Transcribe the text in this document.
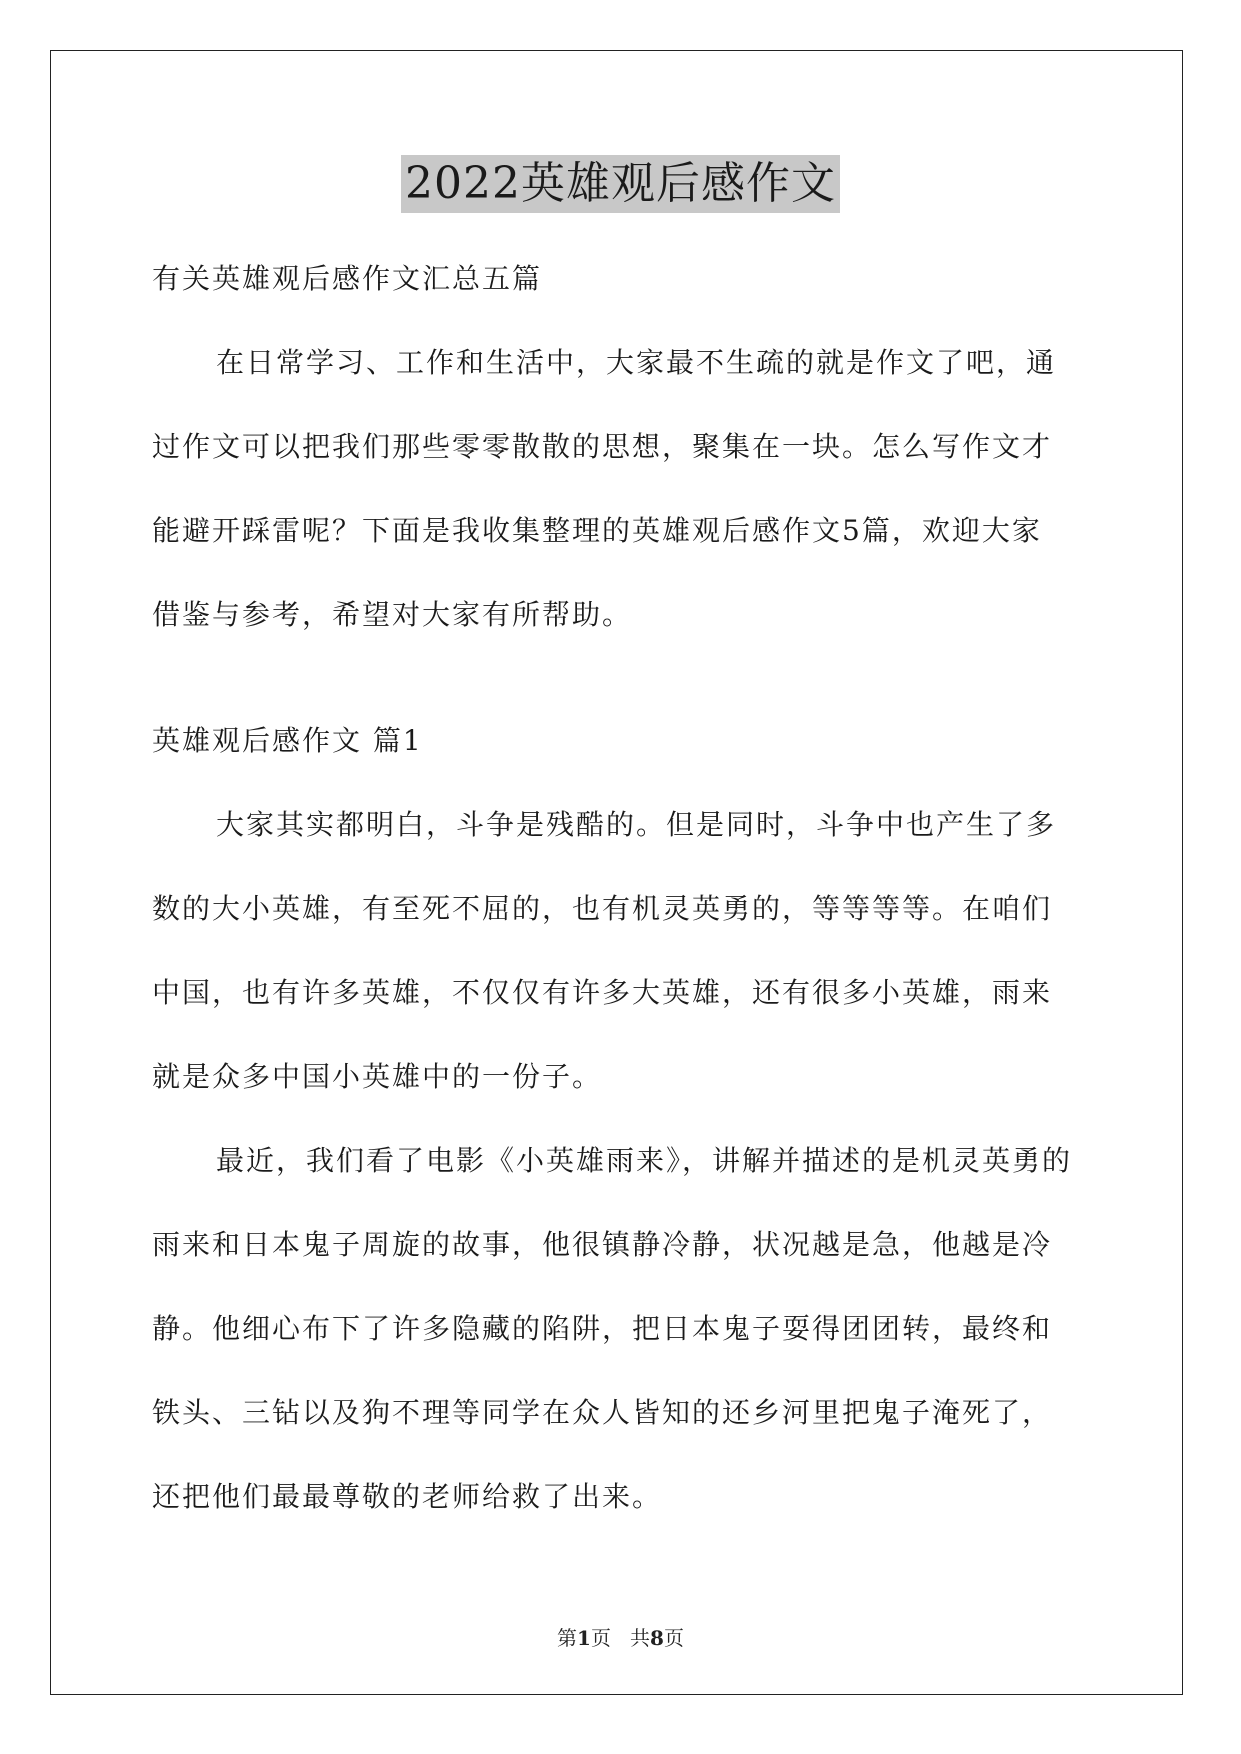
2022英雄观后感作文
有关英雄观后感作文汇总五篇
在日常学习、工作和生活中，大家最不生疏的就是作文了吧，通
过作文可以把我们那些零零散散的思想，聚集在一块。怎么写作文才
能避开踩雷呢？下面是我收集整理的英雄观后感作文5篇，欢迎大家
借鉴与参考，希望对大家有所帮助。
英雄观后感作文 篇1
大家其实都明白，斗争是残酷的。但是同时，斗争中也产生了多
数的大小英雄，有至死不屈的，也有机灵英勇的，等等等等。在咱们
中国，也有许多英雄，不仅仅有许多大英雄，还有很多小英雄，雨来
就是众多中国小英雄中的一份子。
最近，我们看了电影《小英雄雨来》，讲解并描述的是机灵英勇的
雨来和日本鬼子周旋的故事，他很镇静冷静，状况越是急，他越是冷
静。他细心布下了许多隐藏的陷阱，把日本鬼子耍得团团转，最终和
铁头、三钻以及狗不理等同学在众人皆知的还乡河里把鬼子淹死了，
还把他们最最尊敬的老师给救了出来。
第1页 共8页
